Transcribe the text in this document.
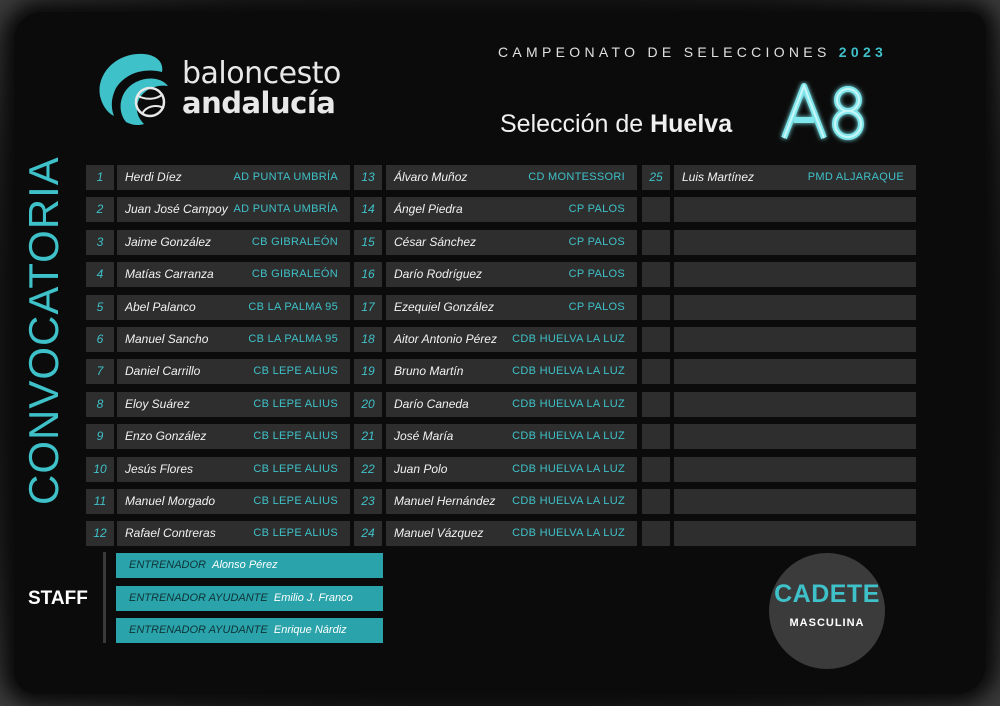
baloncesto
andalucía
CAMPEONATO DE SELECCIONES 2023
Selección de Huelva
CONVOCATORIA	1	Herdi Díez	AD PUNTA UMBRÍA
2	Juan José Campoy AD PUNTA UMBRÍA
3	Jaime González	CB GIBRALEÓN
4	Matías Carranza	CB GIBRALEÓN
5	Abel Palanco	CB LA PALMA 95
6	Manuel Sancho	CB LA PALMA 95
7	Daniel Carrillo	CB LEPE ALIUS
8	Eloy Suárez	CB LEPE ALIUS
9	Enzo González	CB LEPE ALIUS
10	Jesús Flores	CB LEPE ALIUS
11	Manuel Morgado	CB LEPE ALIUS
12	Rafael Contreras	CB LEPE ALIUS
13	Álvaro Muñoz	CD MONTESSORI
14	Ángel Piedra	CP PALOS
15	César Sánchez	CP PALOS
16	Darío Rodríguez	CP PALOS
17	Ezequiel González	CP PALOS
18	Aitor Antonio Pérez CDB HUELVA LA LUZ
19	Bruno Martín	CDB HUELVA LA LUZ
20	Darío Caneda	CDB HUELVA LA LUZ
21	José María	CDB HUELVA LA LUZ
22	Juan Polo	CDB HUELVA LA LUZ
23	Manuel Hernández CDB HUELVA LA LUZ
24	Manuel Vázquez	CDB HUELVA LA LUZ
25	Luis Martínez	PMD ALJARAQUE
STAFF
ENTRENADOR Alonso Pérez
ENTRENADOR AYUDANTE Emilio J. Franco
ENTRENADOR AYUDANTE Enrique Nárdiz
CADETE
MASCULINA
